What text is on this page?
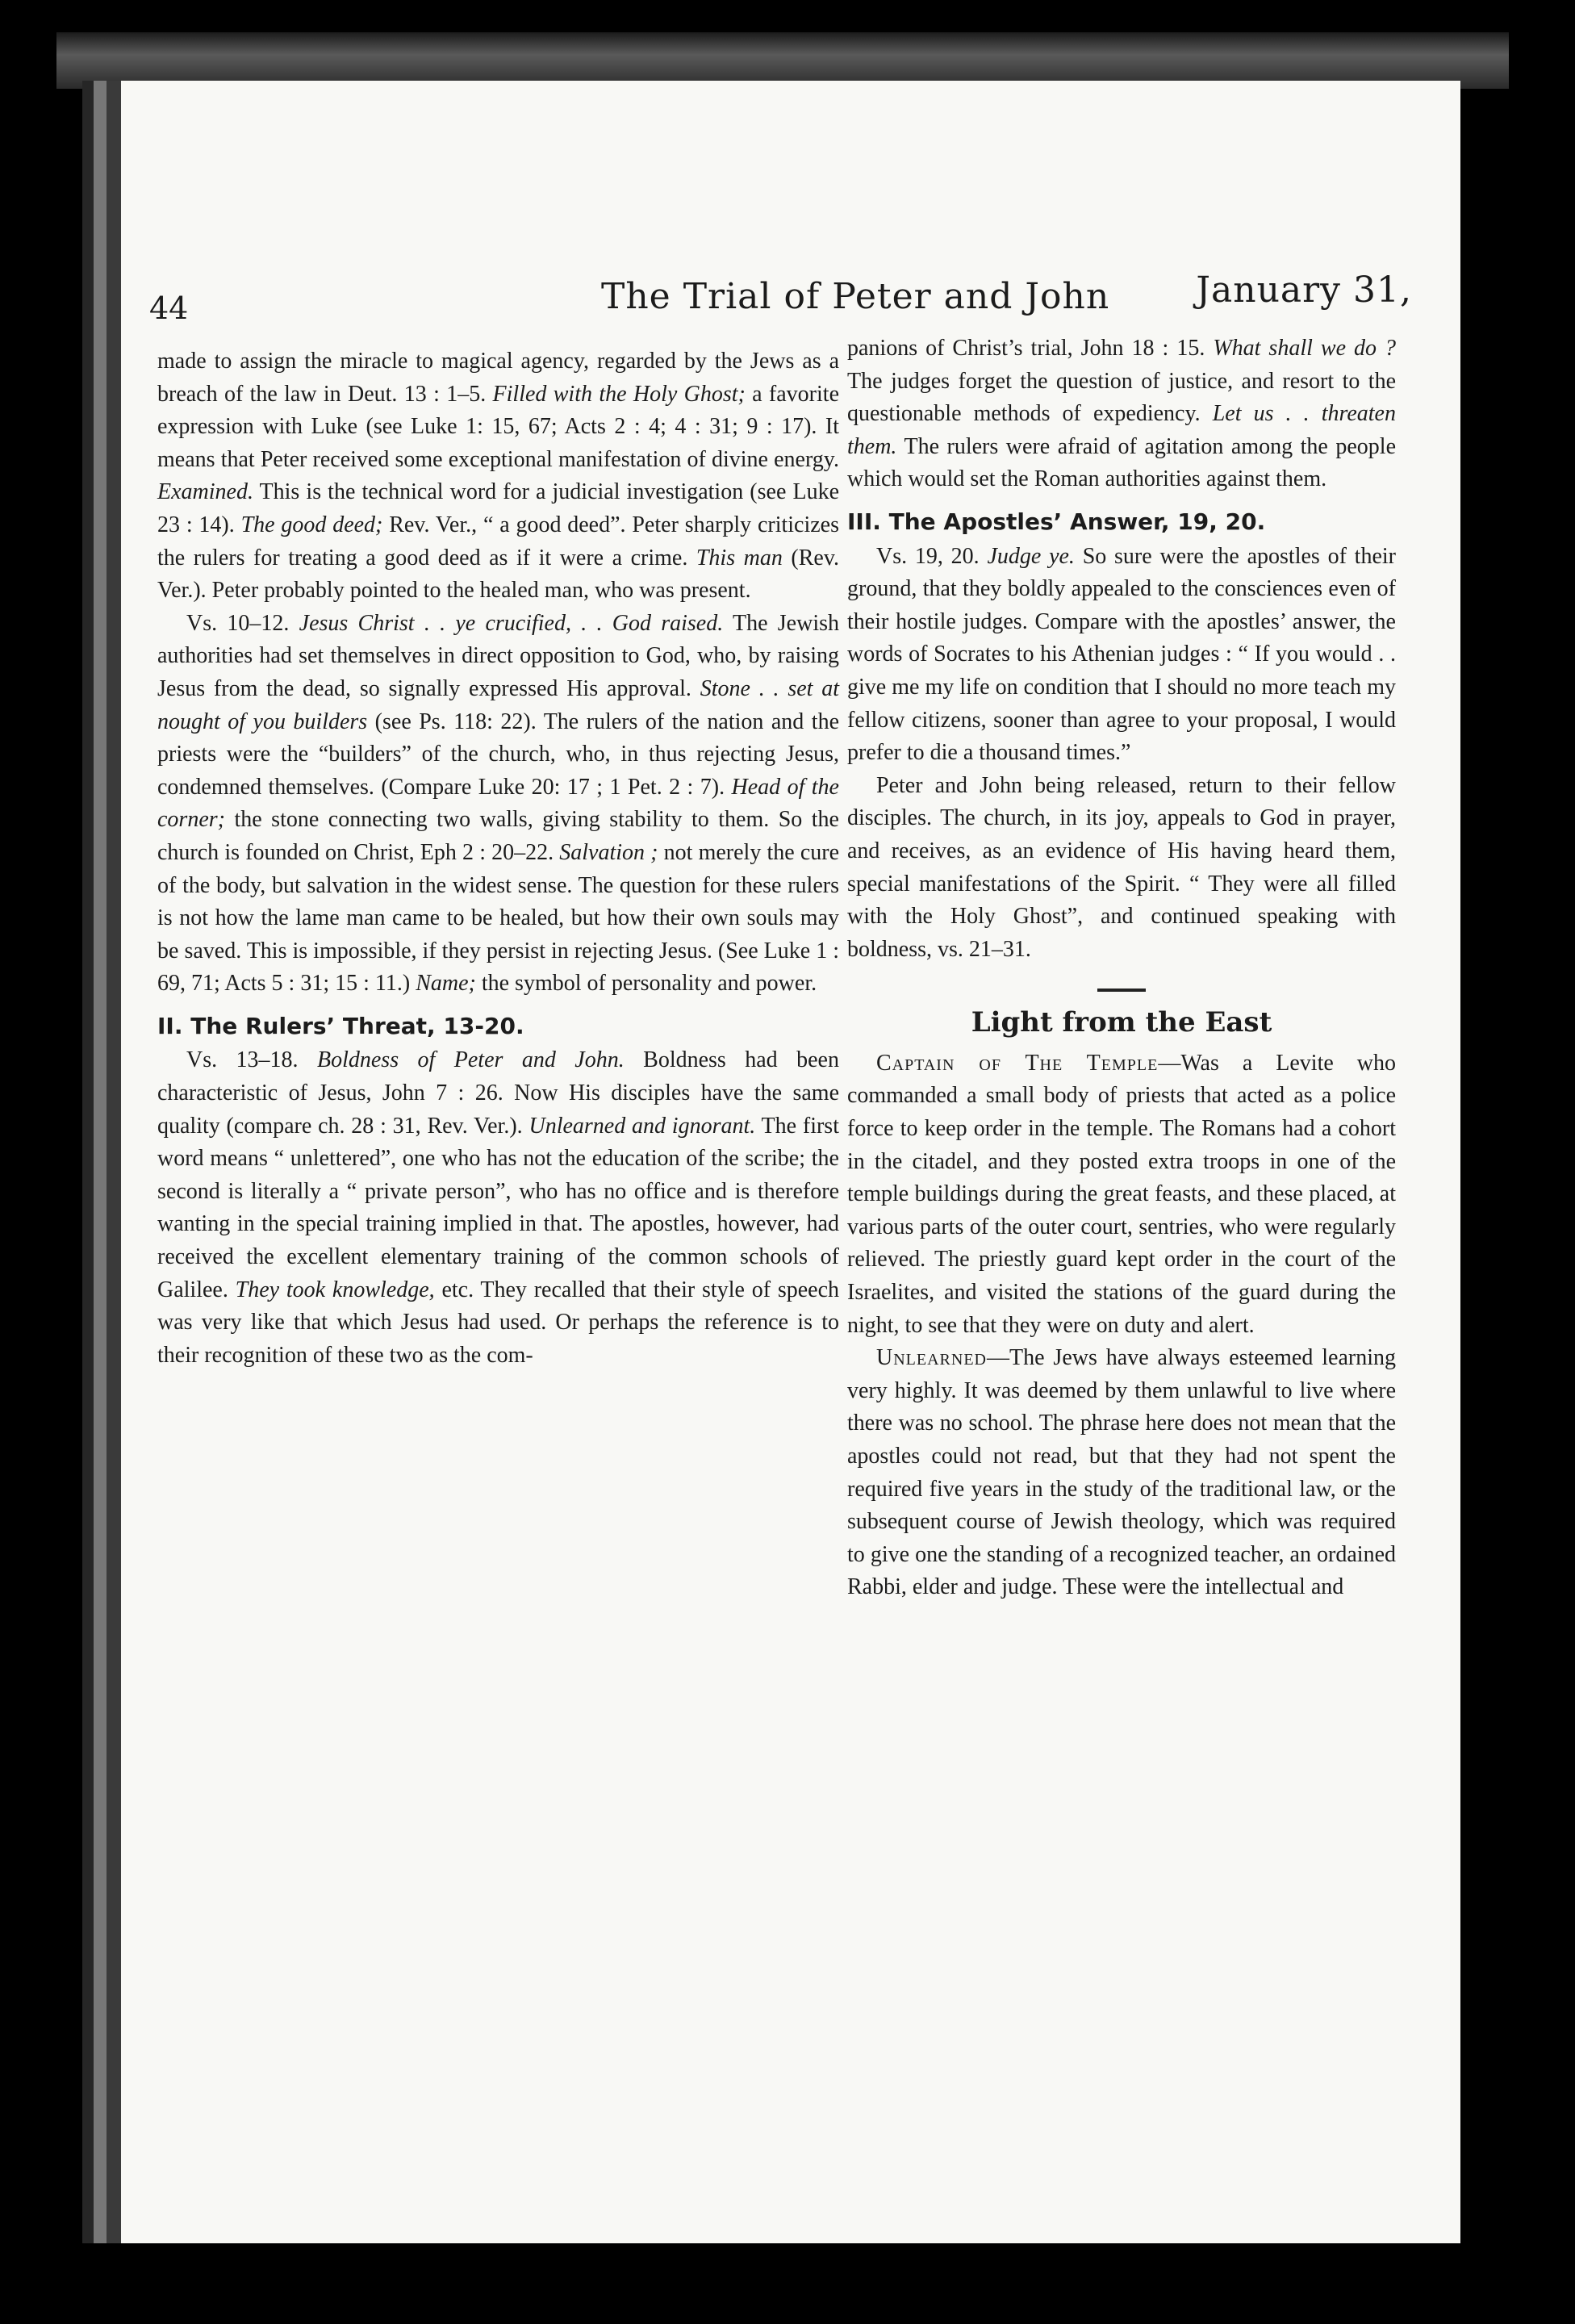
44	The Trial of Peter and John January 31,

made to assign the miracle to magical agency, regarded by the Jews as a breach of the law in Deut. 13 : 1–5. Filled with the Holy Ghost; a favorite expression with Luke (see Luke 1: 15, 67; Acts 2 : 4; 4 : 31; 9 : 17). It means that Peter received some exceptional manifestation of divine energy. Examined. This is the technical word for a judicial investigation (see Luke 23 : 14). The good deed; Rev. Ver., “ a good deed”. Peter sharply criticizes the rulers for treating a good deed as if it were a crime. This man (Rev. Ver.). Peter probably pointed to the healed man, who was present.

Vs. 10–12. Jesus Christ . . ye crucified, . . God raised. The Jewish authorities had set themselves in direct opposition to God, who, by raising Jesus from the dead, so signally expressed His approval. Stone . . set at nought of you builders (see Ps. 118: 22). The rulers of the nation and the priests were the “builders” of the church, who, in thus rejecting Jesus, condemned themselves. (Compare Luke 20: 17 ; 1 Pet. 2 : 7). Head of the corner; the stone connecting two walls, giving stability to them. So the church is founded on Christ, Eph 2 : 20–22. Salvation ; not merely the cure of the body, but salvation in the widest sense. The question for these rulers is not how the lame man came to be healed, but how their own souls may be saved. This is impossible, if they persist in rejecting Jesus. (See Luke 1 : 69, 71; Acts 5 : 31; 15 : 11.) Name; the symbol of personality and power.

II. The Rulers’ Threat, 13-20.

Vs. 13–18. Boldness of Peter and John. Boldness had been characteristic of Jesus, John 7 : 26. Now His disciples have the same quality (compare ch. 28 : 31, Rev. Ver.). Unlearned and ignorant. The first word means “ unlettered”, one who has not the education of the scribe; the second is literally a “ private person”, who has no office and is therefore wanting in the special training implied in that. The apostles, however, had received the excellent elementary training of the common schools of Galilee. They took knowledge, etc. They recalled that their style of speech was very like that which Jesus had used. Or perhaps the reference is to their recognition of these two as the com-

panions of Christ’s trial, John 18 : 15. What shall we do ? The judges forget the question of justice, and resort to the questionable methods of expediency. Let us . . threaten them. The rulers were afraid of agitation among the people which would set the Roman authorities against them.

III. The Apostles’ Answer, 19, 20.

Vs. 19, 20. Judge ye. So sure were the apostles of their ground, that they boldly appealed to the consciences even of their hostile judges. Compare with the apostles’ answer, the words of Socrates to his Athenian judges : “ If you would . . give me my life on condition that I should no more teach my fellow citizens, sooner than agree to your proposal, I would prefer to die a thousand times.”

Peter and John being released, return to their fellow disciples. The church, in its joy, appeals to God in prayer, and receives, as an evidence of His having heard them, special manifestations of the Spirit. “ They were all filled with the Holy Ghost”, and continued speaking with boldness, vs. 21–31.

Light from the East

Captain of The Temple—Was a Levite who commanded a small body of priests that acted as a police force to keep order in the temple. The Romans had a cohort in the citadel, and they posted extra troops in one of the temple buildings during the great feasts, and these placed, at various parts of the outer court, sentries, who were regularly relieved. The priestly guard kept order in the court of the Israelites, and visited the stations of the guard during the night, to see that they were on duty and alert.

Unlearned—The Jews have always esteemed learning very highly. It was deemed by them unlawful to live where there was no school. The phrase here does not mean that the apostles could not read, but that they had not spent the required five years in the study of the traditional law, or the subsequent course of Jewish theology, which was required to give one the standing of a recognized teacher, an ordained Rabbi, elder and judge. These were the intellectual and
